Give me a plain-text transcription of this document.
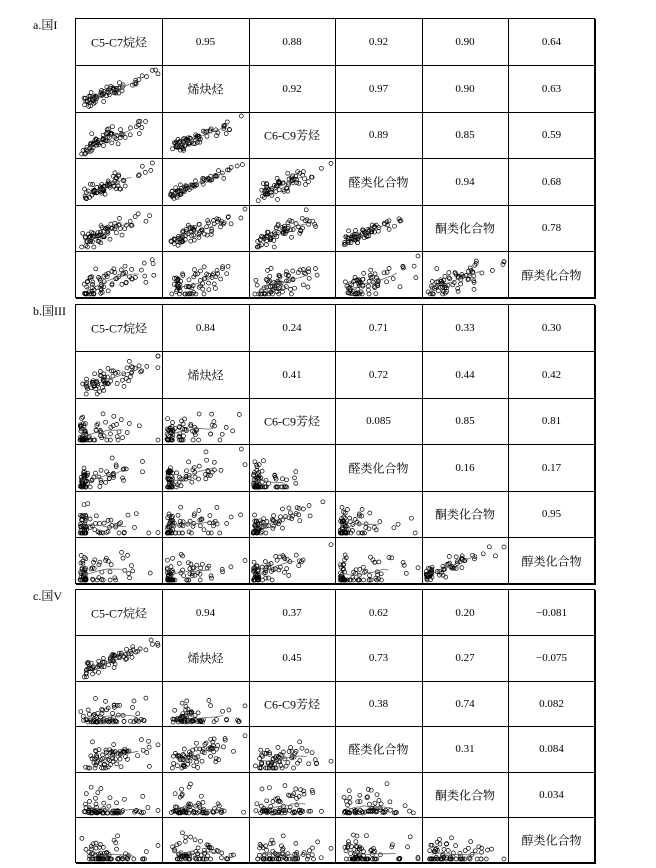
a.国I
C5-C7烷烃	0.95	0.88	0.92	0.90	0.64
烯炔烃	0.92	0.97	0.90	0.63
C6-C9芳烃	0.89	0.85	0.59
醛类化合物	0.94	0.68
酮类化合物	0.78
醇类化合物
b.国III
C5-C7烷烃	0.84	0.24	0.71	0.33	0.30
烯炔烃	0.41	0.72	0.44	0.42
C6-C9芳烃	0.085	0.85	0.81
醛类化合物	0.16	0.17
酮类化合物	0.95
醇类化合物
c.国V
C5-C7烷烃	0.94	0.37	0.62	0.20	−0.081
烯炔烃	0.45	0.73	0.27	−0.075
C6-C9芳烃	0.38	0.74	0.082
醛类化合物	0.31	0.084
酮类化合物	0.034
醇类化合物
